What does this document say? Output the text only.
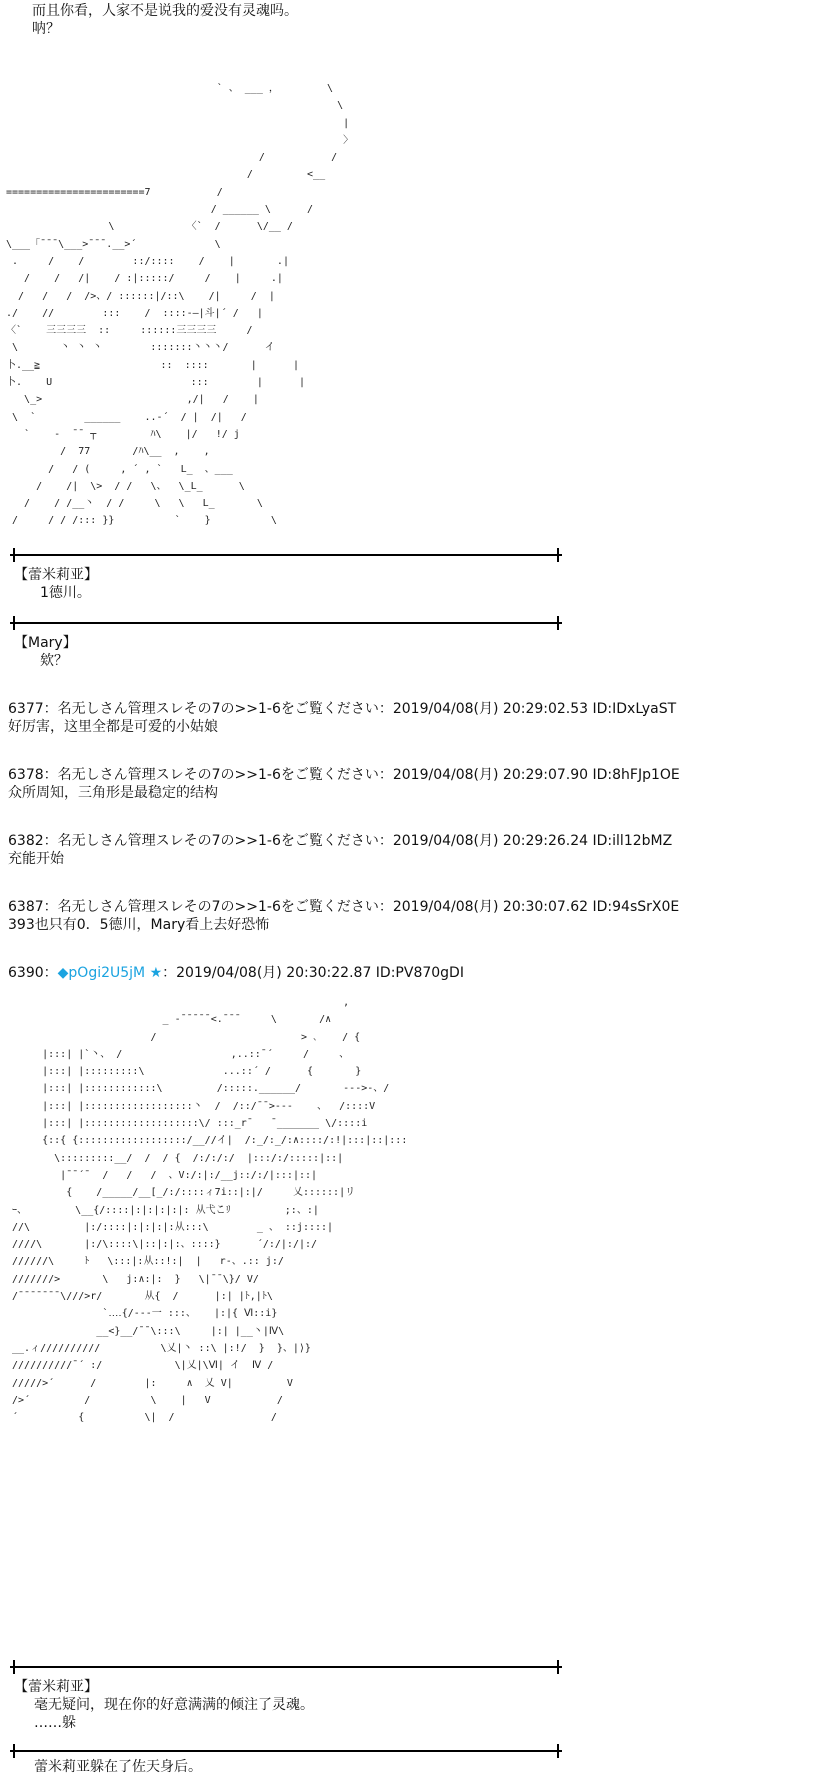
而且你看，人家不是说我的爱没有灵魂吗。
呐？
` 、 ___ ，        \
\
|
〉
/           /
/         <__
=======================7           /
/ ______ \      /
\            〈`  /      \/__ /
\___「¯¯¯\___>¯¯¯.__>´             \
.     /    /        ::/::::    /    |       .|
/    /   /|    / :|:::::/     /    |     .|
/   /   /  />、/ ::::::|/::\    /|     /  |
./    //        :::    /  ::::-—|斗|´ /   |
〈`    三三三三  ::     ::::::三三三三     /
\       丶 丶 丶        :::::::丶丶丶/      イ
卜.__≧                    ::  ::::       |      |
卜.    U                       :::        |      |
\_>                        ,/|   /    |
\  `        ______    ..-´  / |  /|   /
`    -  ¯¯ ┬         ﾊ\    |/   !/ j
/  77       /ﾊ\__  ,    ,
/   / (     , ´ , `   L_  、___
/    /|  \>  / /   \、  \_L_      \
/    / /__丶  / /     \   \   L_       \
/     / / /::: }}          `    }          \
【蕾米莉亚】
1德川。
【Mary】
欸？
6377：名无しさん管理スレその7の>>1-6をご覧ください：2019/04/08(月) 20:29:02.53 ID:IDxLyaST
好厉害，这里全都是可爱的小姑娘
6378：名无しさん管理スレその7の>>1-6をご覧ください：2019/04/08(月) 20:29:07.90 ID:8hFJp1OE
众所周知，三角形是最稳定的结构
6382：名无しさん管理スレその7の>>1-6をご覧ください：2019/04/08(月) 20:29:26.24 ID:ill12bMZ
充能开始
6387：名无しさん管理スレその7の>>1-6をご覧ください：2019/04/08(月) 20:30:07.62 ID:94sSrX0E
393也只有0．5德川，Mary看上去好恐怖
6390：◆pOgi2U5jM ★：2019/04/08(月) 20:30:22.87 ID:PV870gDI
,
_ -¯¯¯¯¯<.¯¯¯     \       /∧
/                        > ､    / {
|:::| |`丶、 /                  ,..::¯´     /     、
|:::| |:::::::::\             ...::´ /      {       }
|:::| |::::::::::::\         /:::::.______/       --->-、/
|:::| |::::::::::::::::::丶  /  /::/¯¯>---    、  /::::V
|:::| |:::::::::::::::::::\/ :::_r¯   ¯_______ \/::::i
{::{ {::::::::::::::::::/__//イ|  /:_/:_/:∧::::/:!|:::|::|:::
\:::::::::__/  /  / {  /:/:/:/  |:::/:/:::::|::|
|¯¯´¯  /   /   /  、V:/:|:/__j::/:/|:::|::|
{    /_____/__[_/:/::::ィ7i::|:|/     乂::::::|リ
ｰ、        \__{/::::|:|:|:|:|: 从弋こﾘ         ;:、:|
//\         |:/::::|:|:|:|:从:::\        _ 、 ::j::::|
////\       |:/\::::\|::|:|:、::::}      ´/:/|:/|:/
//////\     ﾄ   \:::|:从::!:|  |   r‐、.:: j:/
///////>       \   j:∧:|:  }   \|¯¯\}/ V/
/¯¯¯¯¯¯¯\///>r/       从{  /      |:| |ﾄ,|ﾄ\
`‥‥{/---一 :::、   |:|{ Ⅵ::i}
__<}__/¯¯\:::\     |:| |__丶|Ⅳ\
__.ィ//////////          \乂|丶 ::\ |:!/  }  }、|⟩}
//////////¯´ :/            \|乂|\Ⅵ| イ  Ⅳ /
/////>´      /        |:     ∧  乂 V|         V
/>´         /          \    |   V           /
´          {          \|  /                /
【蕾米莉亚】
毫无疑问，现在你的好意满满的倾注了灵魂。
……躲
蕾米莉亚躲在了佐天身后。
